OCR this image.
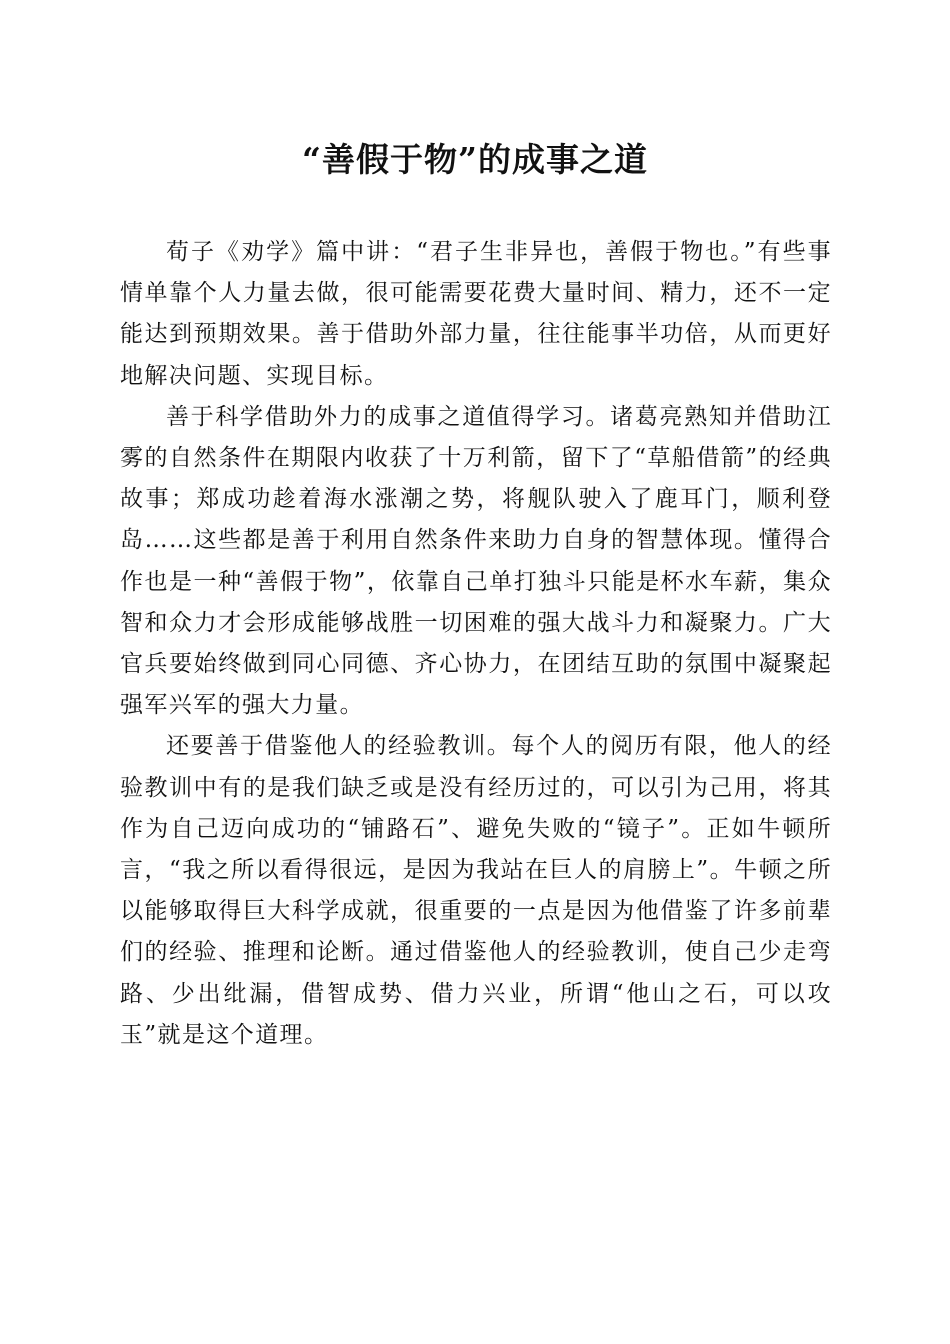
“善假于物”的成事之道

荀子《劝学》篇中讲：“君子生非异也，善假于物也。”有些事情单靠个人力量去做，很可能需要花费大量时间、精力，还不一定能达到预期效果。善于借助外部力量，往往能事半功倍，从而更好地解决问题、实现目标。

善于科学借助外力的成事之道值得学习。诸葛亮熟知并借助江雾的自然条件在期限内收获了十万利箭，留下了“草船借箭”的经典故事；郑成功趁着海水涨潮之势，将舰队驶入了鹿耳门，顺利登岛……这些都是善于利用自然条件来助力自身的智慧体现。懂得合作也是一种“善假于物”，依靠自己单打独斗只能是杯水车薪，集众智和众力才会形成能够战胜一切困难的强大战斗力和凝聚力。广大官兵要始终做到同心同德、齐心协力，在团结互助的氛围中凝聚起强军兴军的强大力量。

还要善于借鉴他人的经验教训。每个人的阅历有限，他人的经验教训中有的是我们缺乏或是没有经历过的，可以引为己用，将其作为自己迈向成功的“铺路石”、避免失败的“镜子”。正如牛顿所言，“我之所以看得很远，是因为我站在巨人的肩膀上”。牛顿之所以能够取得巨大科学成就，很重要的一点是因为他借鉴了许多前辈们的经验、推理和论断。通过借鉴他人的经验教训，使自己少走弯路、少出纰漏，借智成势、借力兴业，所谓“他山之石，可以攻玉”就是这个道理。
